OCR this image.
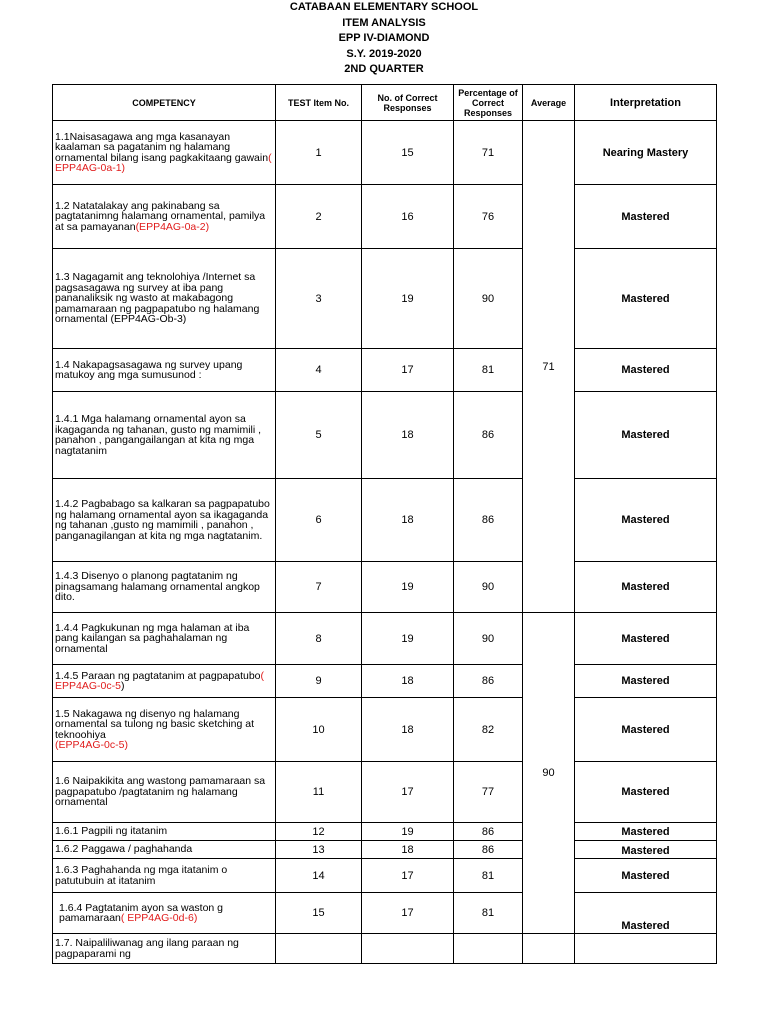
CATABAAN ELEMENTARY SCHOOL
ITEM ANALYSIS
EPP IV-DIAMOND
S.Y. 2019-2020
2ND QUARTER
COMPETENCY	TEST Item No.	No. of Correct Responses	Percentage of Correct Responses	Average	Interpretation
1.1Naisasagawa ang mga kasanayan kaalaman sa pagatanim ng halamang ornamental bilang isang pagkakitaang gawain( EPP4AG-0a-1)	1	15	71	71	Nearing Mastery
1.2 Natatalakay ang pakinabang sa pagtatanimng halamang ornamental, pamilya at sa pamayanan(EPP4AG-0a-2)	2	16	76		Mastered
1.3 Nagagamit ang teknolohiya /Internet sa pagsasagawa ng survey at iba pang pananaliksik ng wasto at makabagong pamamaraan ng pagpapatubo ng halamang ornamental (EPP4AG-Ob-3)	3	19	90		Mastered
1.4 Nakapagsasagawa ng survey upang matukoy ang mga sumusunod :	4	17	81		Mastered
1.4.1 Mga halamang ornamental ayon sa ikagaganda ng tahanan, gusto ng mamimili , panahon , pangangailangan at kita ng mga nagtatanim	5	18	86		Mastered
1.4.2 Pagbabago sa kalkaran sa pagpapatubo ng halamang ornamental ayon sa ikagaganda ng tahanan ,gusto ng mamimili , panahon , panganagilangan at kita ng mga nagtatanim.	6	18	86		Mastered
1.4.3 Disenyo o planong pagtatanim ng pinagsamang halamang ornamental angkop dito.	7	19	90		Mastered
1.4.4 Pagkukunan ng mga halaman at iba pang kailangan sa paghahalaman ng ornamental	8	19	90	90	Mastered
1.4.5 Paraan ng pagtatanim at pagpapatubo( EPP4AG-0c-5)	9	18	86		Mastered
1.5 Nakagawa ng disenyo ng halamang ornamental sa tulong ng basic sketching at teknoohiya
(EPP4AG-0c-5)	10	18	82		Mastered
1.6 Naipakikita ang wastong pamamaraan sa pagpapatubo /pagtatanim ng halamang ornamental	11	17	77		Mastered
1.6.1 Pagpili ng itatanim	12	19	86		Mastered
1.6.2 Paggawa / paghahanda	13	18	86		Mastered
1.6.3 Paghahanda ng mga itatanim o patutubuin at itatanim	14	17	81		Mastered
1.6.4 Pagtatanim ayon sa waston g pamamaraan( EPP4AG-0d-6)	15	17	81		Mastered
1.7. Naipaliliwanag ang ilang paraan ng pagpaparami ng					
